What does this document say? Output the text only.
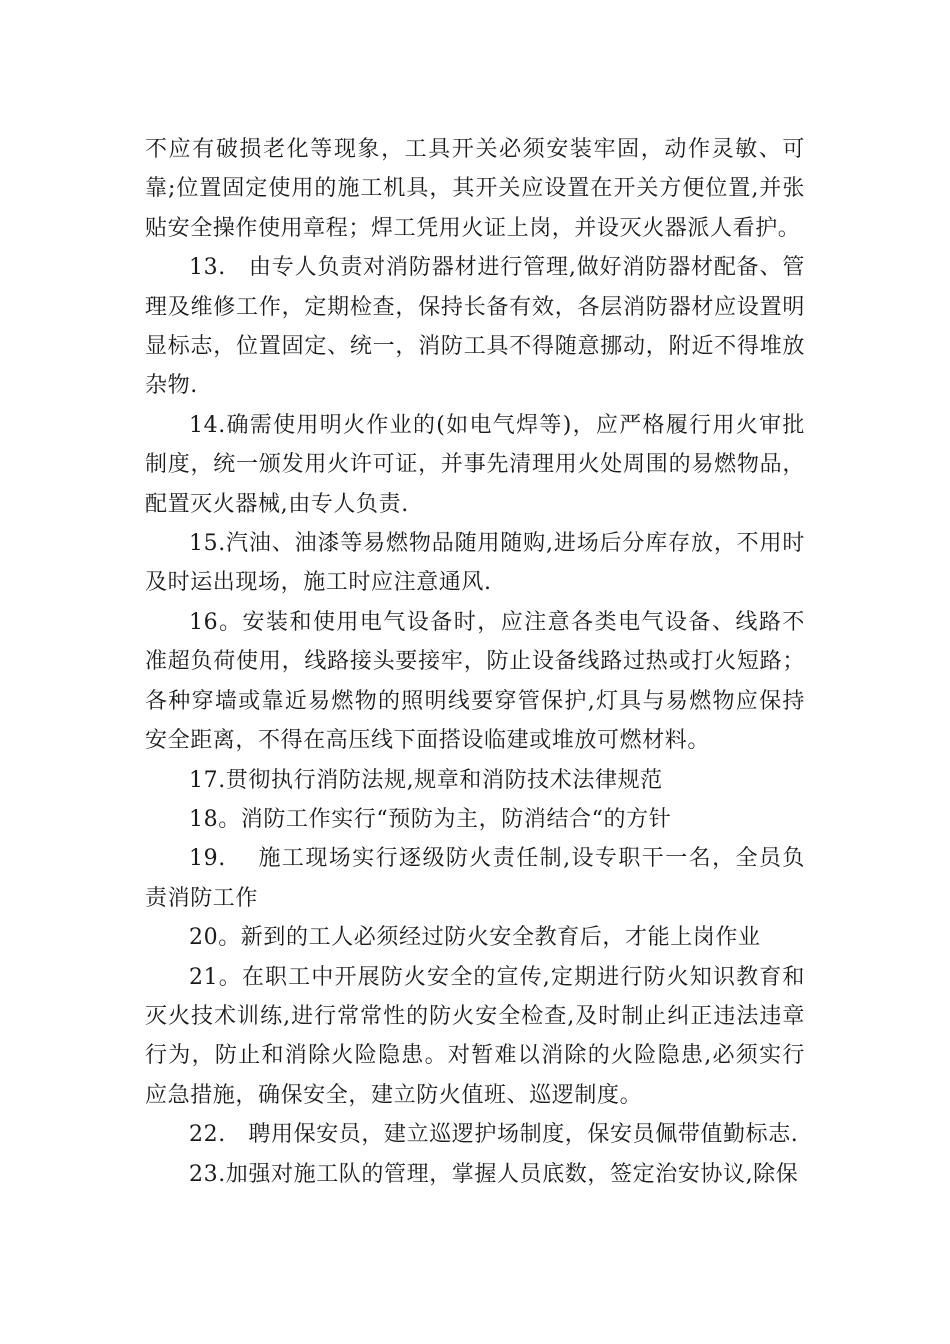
不应有破损老化等现象，工具开关必须安装牢固，动作灵敏、可靠;位置固定使用的施工机具，其开关应设置在开关方便位置,并张贴安全操作使用章程；焊工凭用火证上岗，并设灭火器派人看护。

13.　由专人负责对消防器材进行管理,做好消防器材配备、管理及维修工作，定期检查，保持长备有效，各层消防器材应设置明显标志，位置固定、统一，消防工具不得随意挪动，附近不得堆放杂物.

14.确需使用明火作业的(如电气焊等)，应严格履行用火审批制度，统一颁发用火许可证，并事先清理用火处周围的易燃物品，配置灭火器械,由专人负责.

15.汽油、油漆等易燃物品随用随购,进场后分库存放，不用时及时运出现场，施工时应注意通风.

16。安装和使用电气设备时，应注意各类电气设备、线路不准超负荷使用，线路接头要接牢，防止设备线路过热或打火短路；各种穿墙或靠近易燃物的照明线要穿管保护,灯具与易燃物应保持安全距离，不得在高压线下面搭设临建或堆放可燃材料。

17.贯彻执行消防法规,规章和消防技术法律规范

18。消防工作实行“预防为主，防消结合“的方针

19.　 施工现场实行逐级防火责任制,设专职干一名，全员负责消防工作

20。新到的工人必须经过防火安全教育后，才能上岗作业

21。在职工中开展防火安全的宣传,定期进行防火知识教育和灭火技术训练,进行常常性的防火安全检查,及时制止纠正违法违章行为，防止和消除火险隐患。对暂难以消除的火险隐患,必须实行应急措施，确保安全，建立防火值班、巡逻制度。

22.　聘用保安员，建立巡逻护场制度，保安员佩带值勤标志.

23.加强对施工队的管理，掌握人员底数，签定治安协议,除保
